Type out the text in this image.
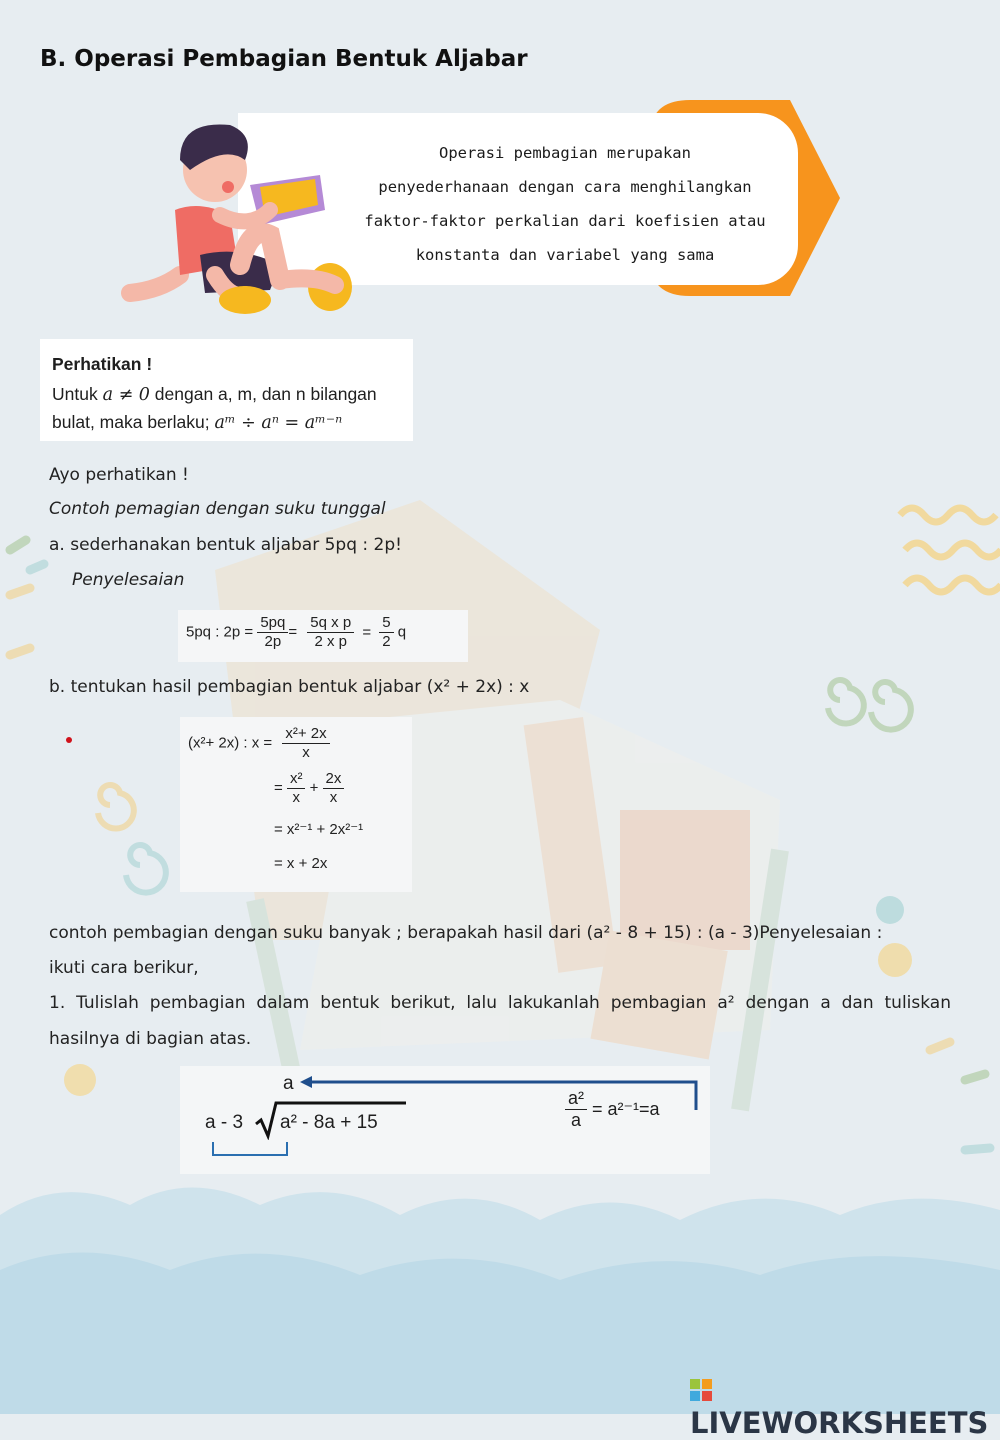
B. Operasi Pembagian Bentuk Aljabar
Operasi pembagian merupakan
penyederhanaan dengan cara menghilangkan
faktor-faktor perkalian dari koefisien atau
konstanta dan variabel yang sama
Perhatikan !
Untuk a ≠ 0 dengan a, m, dan n bilangan
bulat, maka berlaku; aᵐ ÷ aⁿ = aᵐ⁻ⁿ
Ayo perhatikan !
Contoh pemagian dengan suku tunggal
a. sederhanakan bentuk aljabar 5pq : 2p!
Penyelesaian
5pq : $2p = \frac{5pq}{2p} = \frac{\text{5q x p}}{\text{2 x p}} = \frac{5}{2}$ q
b. tentukan hasil pembagian bentuk aljabar (x² + 2x) : x
(x²+ 2x) : $x = \frac{\text{x²+ 2x}}{x}$
= $\frac{\text{x²}}{x} + \frac{2x}{x}$
= x²⁻¹ + 2x²⁻¹
= x + 2x
contoh pembagian dengan suku banyak ; berapakah hasil dari (a² - 8 + 15) : (a - 3)Penyelesaian :
ikuti cara berikur,
1. Tulislah pembagian dalam bentuk berikut, lalu lakukanlah pembagian a² dengan a dan tuliskan
hasilnya di bagian atas.
a
a - 3 a² - 8a + 15	$\frac{\text{a²}}{a} = a^{2-1}=a$
LIVEWORKSHEETS
